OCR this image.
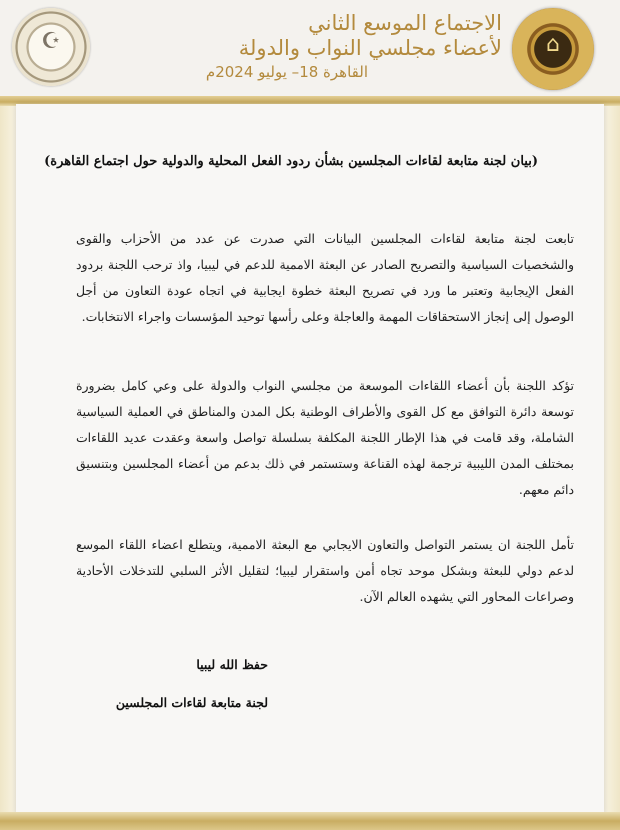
☪	⌂
الاجتماع الموسع الثاني
لأعضاء مجلسي النواب والدولة
القاهرة 18– يوليو 2024م
(بيان لجنة متابعة لقاءات المجلسين بشأن ردود الفعل المحلية والدولية حول اجتماع القاهرة)
تابعت لجنة متابعة لقاءات المجلسين البيانات التي صدرت عن عدد من الأحزاب والقوى والشخصيات السياسية والتصريح الصادر عن البعثة الاممية للدعم في ليبيا، واذ ترحب اللجنة بردود الفعل الإيجابية وتعتبر ما ورد في تصريح البعثة خطوة ايجابية في اتجاه عودة التعاون من أجل الوصول إلى إنجاز الاستحقاقات المهمة والعاجلة وعلى رأسها توحيد المؤسسات واجراء الانتخابات.
تؤكد اللجنة بأن أعضاء اللقاءات الموسعة من مجلسي النواب والدولة على وعي كامل بضرورة توسعة دائرة التوافق مع كل القوى والأطراف الوطنية بكل المدن والمناطق في العملية السياسية الشاملة، وقد قامت في هذا الإطار اللجنة المكلفة بسلسلة تواصل واسعة وعقدت عديد اللقاءات بمختلف المدن الليبية ترجمة لهذه القناعة وستستمر في ذلك بدعم من أعضاء المجلسين وبتنسيق دائم معهم.
تأمل اللجنة ان يستمر التواصل والتعاون الايجابي مع البعثة الاممية، ويتطلع اعضاء اللقاء الموسع لدعم دولي للبعثة وبشكل موحد تجاه أمن واستقرار ليبيا؛ لتقليل الأثر السلبي للتدخلات الأحادية وصراعات المحاور التي يشهده العالم الآن.
حفظ الله ليبيا
لجنة متابعة لقاءات المجلسين
